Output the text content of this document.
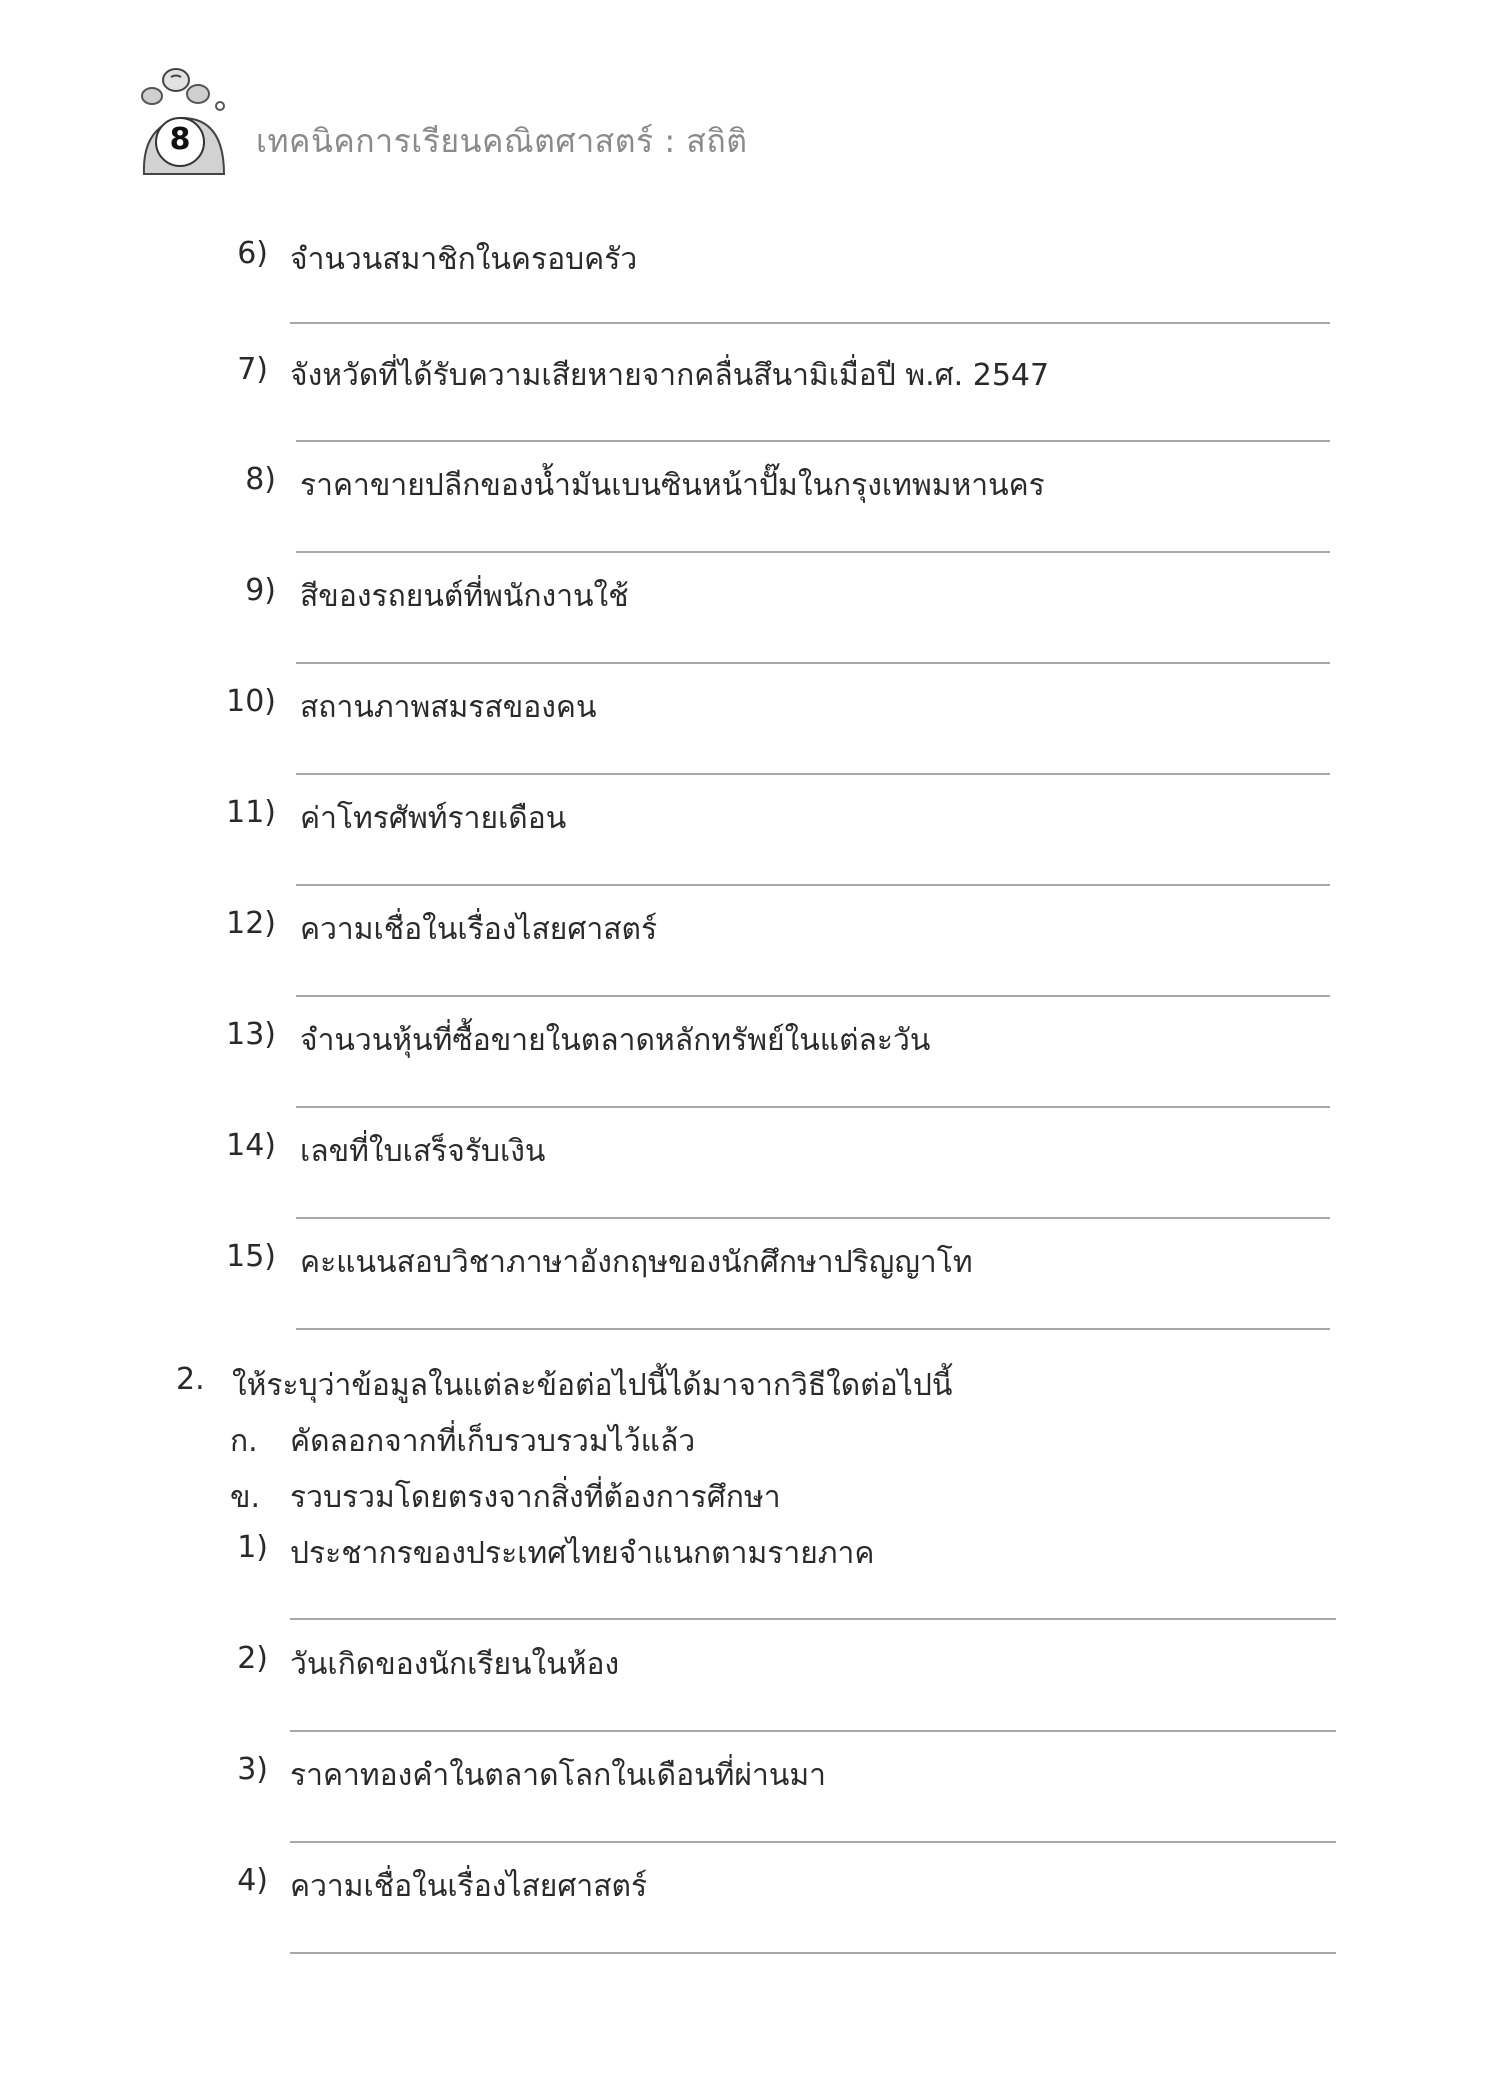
8 เทคนิคการเรียนคณิตศาสตร์ : สถิติ
6) จำนวนสมาชิกในครอบครัว
7) จังหวัดที่ได้รับความเสียหายจากคลื่นสึนามิเมื่อปี พ.ศ. 2547
8) ราคาขายปลีกของน้ำมันเบนซินหน้าปั๊มในกรุงเทพมหานคร
9) สีของรถยนต์ที่พนักงานใช้
10) สถานภาพสมรสของคน
11) ค่าโทรศัพท์รายเดือน
12) ความเชื่อในเรื่องไสยศาสตร์
13) จำนวนหุ้นที่ซื้อขายในตลาดหลักทรัพย์ในแต่ละวัน
14) เลขที่ใบเสร็จรับเงิน
15) คะแนนสอบวิชาภาษาอังกฤษของนักศึกษาปริญญาโท
2. ให้ระบุว่าข้อมูลในแต่ละข้อต่อไปนี้ได้มาจากวิธีใดต่อไปนี้
ก.	คัดลอกจากที่เก็บรวบรวมไว้แล้ว
ข. รวบรวมโดยตรงจากสิ่งที่ต้องการศึกษา
1) ประชากรของประเทศไทยจำแนกตามรายภาค
2) วันเกิดของนักเรียนในห้อง
3) ราคาทองคำในตลาดโลกในเดือนที่ผ่านมา
4) ความเชื่อในเรื่องไสยศาสตร์
